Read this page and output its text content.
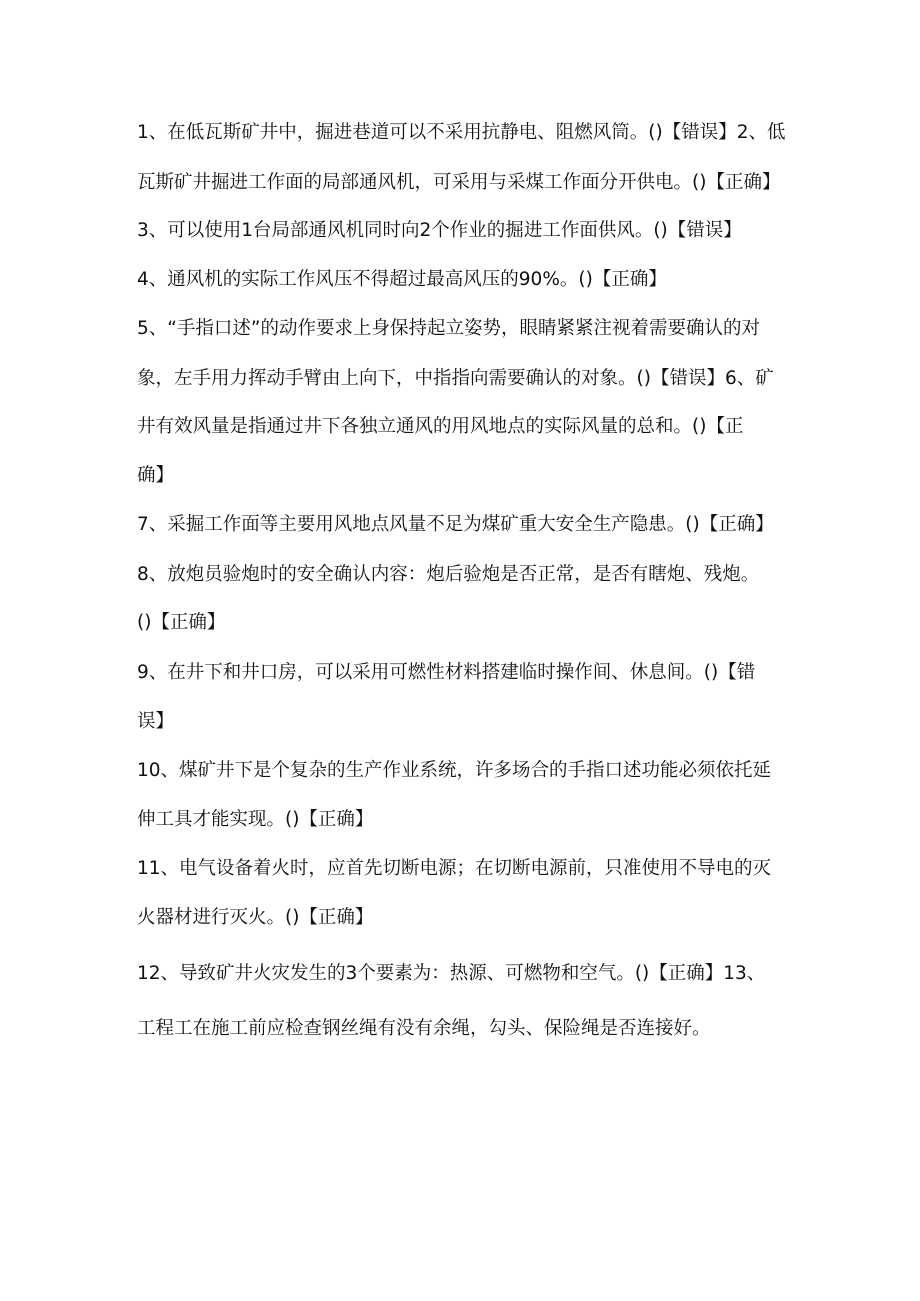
1、在低瓦斯矿井中，掘进巷道可以不采用抗静电、阻燃风筒。()【错误】2、低
瓦斯矿井掘进工作面的局部通风机，可采用与采煤工作面分开供电。()【正确】
3、可以使用1台局部通风机同时向2个作业的掘进工作面供风。()【错误】
4、通风机的实际工作风压不得超过最高风压的90%。()【正确】
5、“手指口述”的动作要求上身保持起立姿势，眼睛紧紧注视着需要确认的对
象，左手用力挥动手臂由上向下，中指指向需要确认的对象。()【错误】6、矿
井有效风量是指通过井下各独立通风的用风地点的实际风量的总和。()【正
确】
7、采掘工作面等主要用风地点风量不足为煤矿重大安全生产隐患。()【正确】
8、放炮员验炮时的安全确认内容：炮后验炮是否正常，是否有瞎炮、残炮。
()【正确】
9、在井下和井口房，可以采用可燃性材料搭建临时操作间、休息间。()【错
误】
10、煤矿井下是个复杂的生产作业系统，许多场合的手指口述功能必须依托延
伸工具才能实现。()【正确】
11、电气设备着火时，应首先切断电源；在切断电源前，只准使用不导电的灭
火器材进行灭火。()【正确】
12、导致矿井火灾发生的3个要素为：热源、可燃物和空气。()【正确】13、
工程工在施工前应检查钢丝绳有没有余绳，勾头、保险绳是否连接好。
